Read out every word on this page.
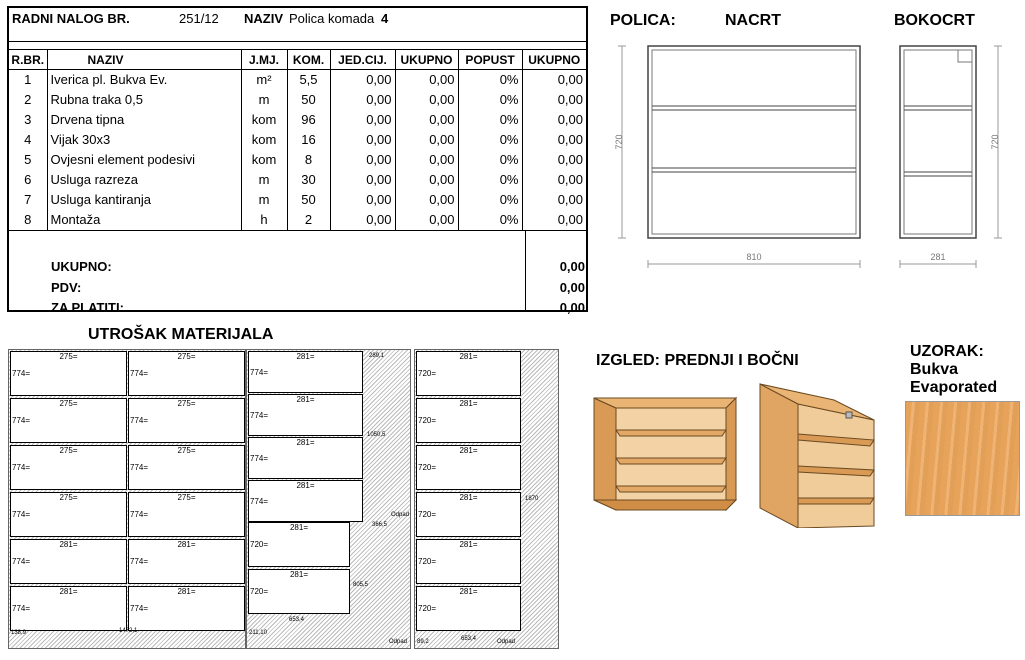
RADNI NALOG BR.	251/12 NAZIV Polica komada 4
R.BR.	NAZIV	J.MJ.	KOM.	JED.CIJ.	UKUPNO	POPUST	UKUPNO
1	Iverica pl. Bukva Ev.	m²	5,5	0,00	0,00	0%	0,00
2	Rubna traka 0,5	m	50	0,00	0,00	0%	0,00
3	Drvena tipna	kom	96	0,00	0,00	0%	0,00
4	Vijak 30x3	kom	16	0,00	0,00	0%	0,00
5	Ovjesni element podesivi	kom	8	0,00	0,00	0%	0,00
6	Usluga razreza	m	30	0,00	0,00	0%	0,00
7	Usluga kantiranja	m	50	0,00	0,00	0%	0,00
8	Montaža	h	2	0,00	0,00	0%	0,00
UKUPNO:	0,00
PDV:	0,00
ZA PLATITI:	0,00
POLICA:	NACRT	BOKOCRT
720
810
720
281
UTROŠAK MATERIJALA
275=
774=
275=
774=
275=
774=
275=
774=
275=
774=
275=
774=
275=
774=
275=
774=
281=
774=
281=
774=
281=
774=
281=
774=
138,9	1472,1
281=
774=
281=
774=
281=
774=
281=
774=
281=
720=
281=
720=
289,1
1050,5
Odpad
366,5
805,5
653,4
211,10
Odpad
281=
720=
281=
720=
281=
720=
281=
720=
281=
720=
281=
720=
1870
89,2	653,4	Odpad
IZGLED: PREDNJI I BOČNI
UZORAK:
Bukva
Evaporated
